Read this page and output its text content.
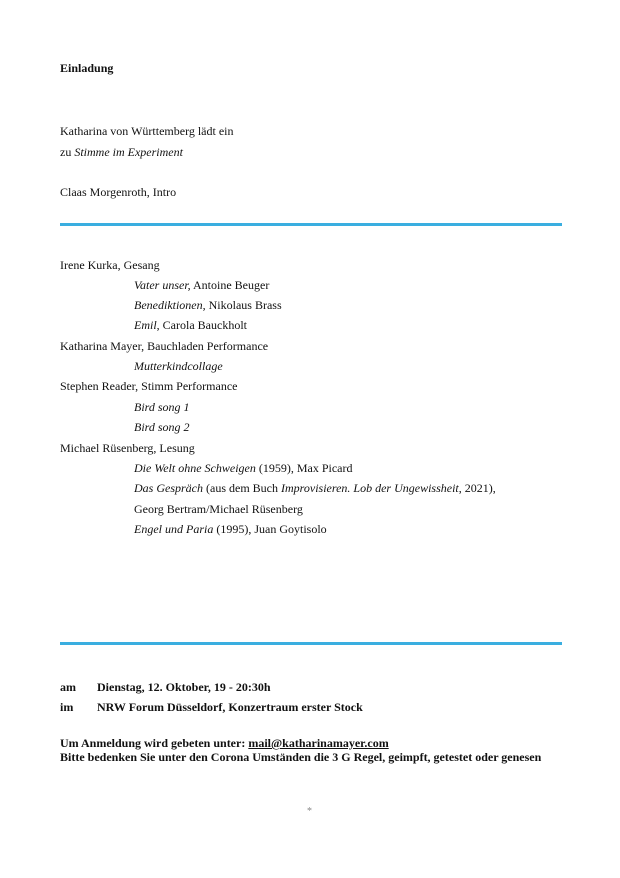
Einladung
Katharina von Württemberg lädt ein
zu Stimme im Experiment
Claas Morgenroth, Intro
Irene Kurka, Gesang
Vater unser, Antoine Beuger
Benediktionen, Nikolaus Brass
Emil, Carola Bauckholt
Katharina Mayer, Bauchladen Performance
Mutterkindcollage
Stephen Reader, Stimm Performance
Bird song 1
Bird song 2
Michael Rüsenberg, Lesung
Die Welt ohne Schweigen (1959), Max Picard
Das Gespräch (aus dem Buch Improvisieren. Lob der Ungewissheit, 2021),
Georg Bertram/Michael Rüsenberg
Engel und Paria (1995), Juan Goytisolo
am Dienstag, 12. Oktober, 19 - 20:30h
im NRW Forum Düsseldorf, Konzertraum erster Stock
Um Anmeldung wird gebeten unter: mail@katharinamayer.com
Bitte bedenken Sie unter den Corona Umständen die 3 G Regel, geimpft, getestet oder genesen
*
